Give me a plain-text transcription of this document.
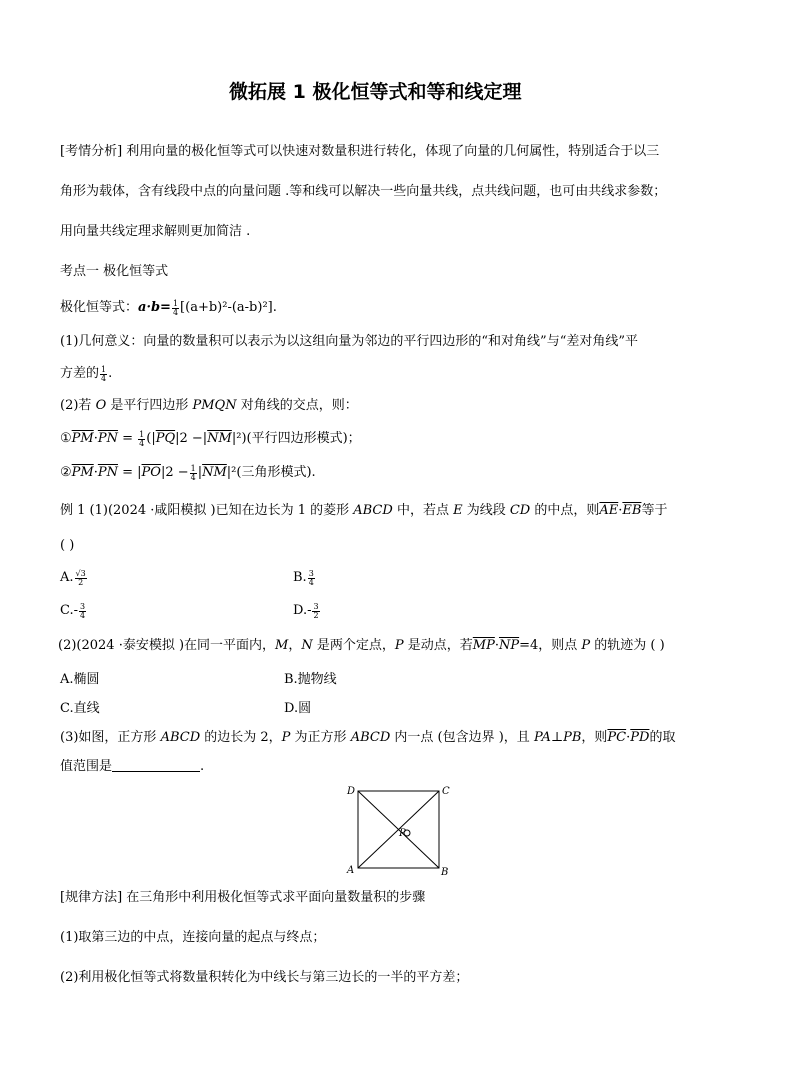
微拓展 1 极化恒等式和等和线定理
[考情分析] 利用向量的极化恒等式可以快速对数量积进行转化，体现了向量的几何属性，特别适合于以三
角形为载体，含有线段中点的向量问题 .等和线可以解决一些向量共线，点共线问题，也可由共线求参数；
用向量共线定理求解则更加简洁 .
考点一 极化恒等式
极化恒等式：$a\cdot b= \frac{1}{4} [(a+b)^2-(a-b)^2]$.
(1)几何意义：向量的数量积可以表示为以这组向量为邻边的平行四边形的“和对角线”与“差对角线”平
方差的 $\frac{1}{4}$ .
(2)若 O 是平行四边形 PMQN 对角线的交点，则：
$①\overline{PM}\cdot\overline{PN} = \frac{1}{4} (|\overline{PQ}|2 -|\overline{NM}|^2)$(平行四边形模式)；
$②\overline{PM}\cdot\overline{PN} = |\overline{PO}|2 - \frac{1}{4} |\overline{NM}|^2$(三角形模式).
例 1 (1)(2024 ·咸阳模拟 )已知在边长为 1 的菱形 ABCD 中，若点 E 为线段 CD 的中点，则$\overline{AE}\cdot\overline{EB}$等于
( )
A. $\frac{√3}{2}$	B. $\frac{3}{4}$
$C.- \frac{3}{4}$	$D.- \frac{3}{2}$
(2)(2024 ·泰安模拟 )在同一平面内，M，N 是两个定点，P 是动点，若$\overline{MP}\cdot\overline{NP}=4$，则点 P 的轨迹为 ( )
A.椭圆	B.抛物线
C.直线	D.圆
(3)如图，正方形 ABCD 的边长为 2，P 为正方形 ABCD 内一点 (包含边界 )，且 PA⊥PB，则$\overline{PC}\cdot\overline{PD}$的取
值范围是	.
D	C
A	B
P
[规律方法] 在三角形中利用极化恒等式求平面向量数量积的步骤
(1)取第三边的中点，连接向量的起点与终点；
(2)利用极化恒等式将数量积转化为中线长与第三边长的一半的平方差；
